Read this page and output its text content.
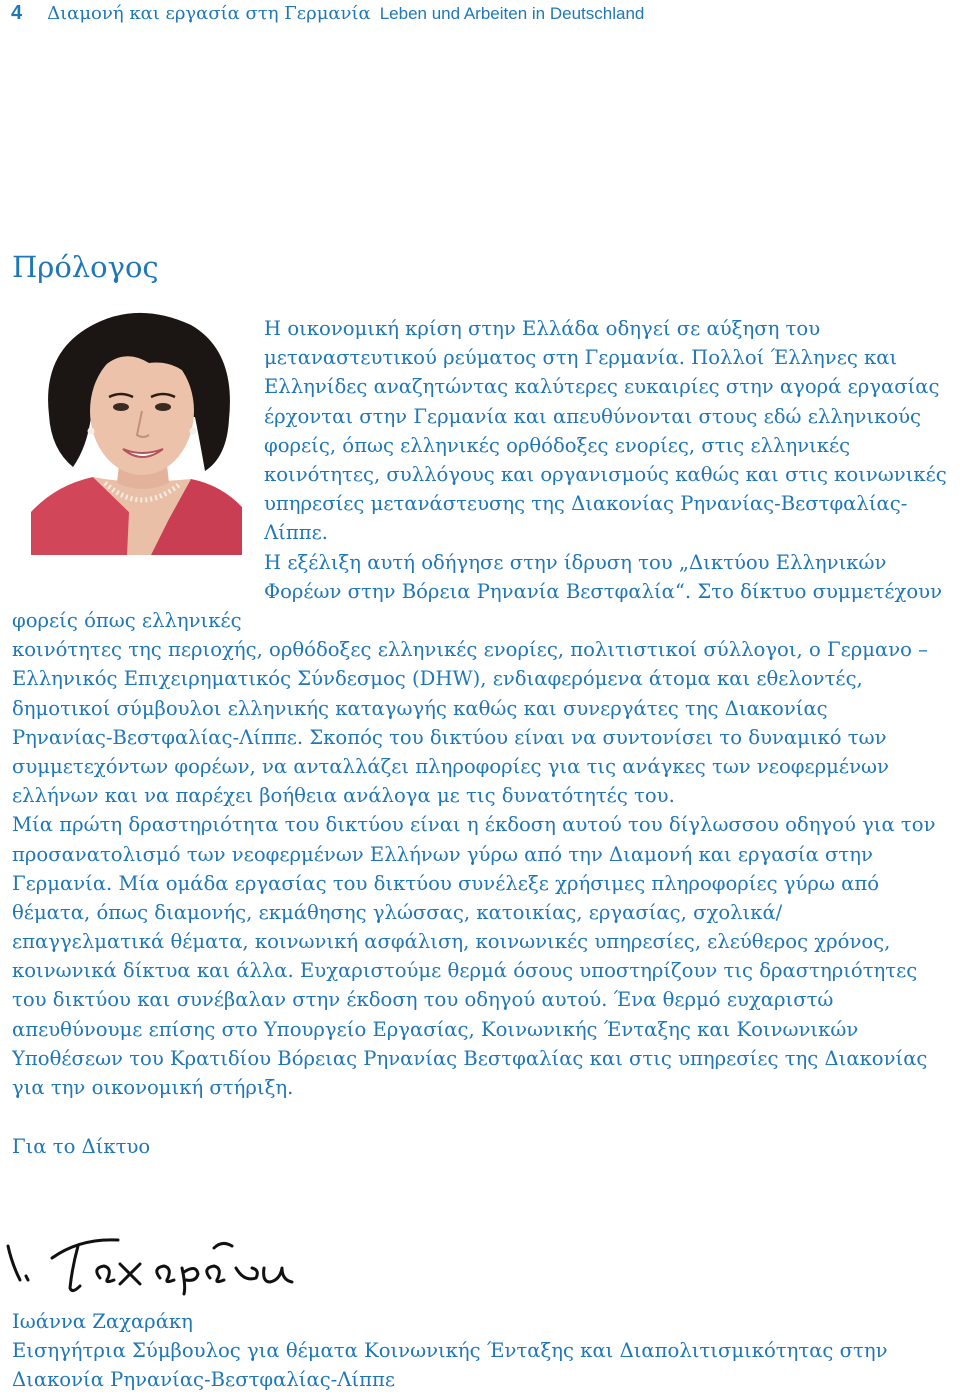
4 Διαμονή και εργασία στη Γερμανία Leben und Arbeiten in Deutschland
Πρόλογος
Η οικονομική κρίση στην Ελλάδα οδηγεί σε αύξηση του
μεταναστευτικού ρεύματος στη Γερμανία. Πολλοί Έλληνες και
Ελληνίδες αναζητώντας καλύτερες ευκαιρίες στην αγορά εργασίας
έρχονται στην Γερμανία και απευθύνονται στους εδώ ελληνικούς
φορείς, όπως ελληνικές ορθόδοξες ενορίες, στις ελληνικές
κοινότητες, συλλόγους και οργανισμούς καθώς και στις κοινωνικές
υπηρεσίες μετανάστευσης της Διακονίας Ρηνανίας-Βεστφαλίας-
Λίππε.
Η εξέλιξη αυτή οδήγησε στην ίδρυση του „Δικτύου Ελληνικών
Φορέων στην Βόρεια Ρηνανία Βεστφαλία“. Στο δίκτυο συμμετέχουν
φορείς όπως ελληνικές
κοινότητες της περιοχής, ορθόδοξες ελληνικές ενορίες, πολιτιστικοί σύλλογοι, ο Γερμανο –
Ελληνικός Επιχειρηματικός Σύνδεσμος (DHW), ενδιαφερόμενα άτομα και εθελοντές,
δημοτικοί σύμβουλοι ελληνικής καταγωγής καθώς και συνεργάτες της Διακονίας
Ρηνανίας-Βεστφαλίας-Λίππε. Σκοπός του δικτύου είναι να συντονίσει το δυναμικό των
συμμετεχόντων φορέων, να ανταλλάζει πληροφορίες για τις ανάγκες των νεοφερμένων
ελλήνων και να παρέχει βοήθεια ανάλογα με τις δυνατότητές του.
Μία πρώτη δραστηριότητα του δικτύου είναι η έκδοση αυτού του δίγλωσσου οδηγού για τον
προσανατολισμό των νεοφερμένων Ελλήνων γύρω από την Διαμονή και εργασία στην
Γερμανία. Μία ομάδα εργασίας του δικτύου συνέλεξε χρήσιμες πληροφορίες γύρω από
θέματα, όπως διαμονής, εκμάθησης γλώσσας, κατοικίας, εργασίας, σχολικά/
επαγγελματικά θέματα, κοινωνική ασφάλιση, κοινωνικές υπηρεσίες, ελεύθερος χρόνος,
κοινωνικά δίκτυα και άλλα. Ευχαριστούμε θερμά όσους υποστηρίζουν τις δραστηριότητες
του δικτύου και συνέβαλαν στην έκδοση του οδηγού αυτού. Ένα θερμό ευχαριστώ
απευθύνουμε επίσης στο Υπουργείο Εργασίας, Κοινωνικής Ένταξης και Κοινωνικών
Υποθέσεων του Κρατιδίου Βόρειας Ρηνανίας Βεστφαλίας και στις υπηρεσίες της Διακονίας
για την οικονομική στήριξη.
Για το Δίκτυο
Ιωάννα Ζαχαράκη
Εισηγήτρια Σύμβουλος για θέματα Κοινωνικής Ένταξης και Διαπολιτισμικότητας στην
Διακονία Ρηνανίας-Βεστφαλίας-Λίππε
